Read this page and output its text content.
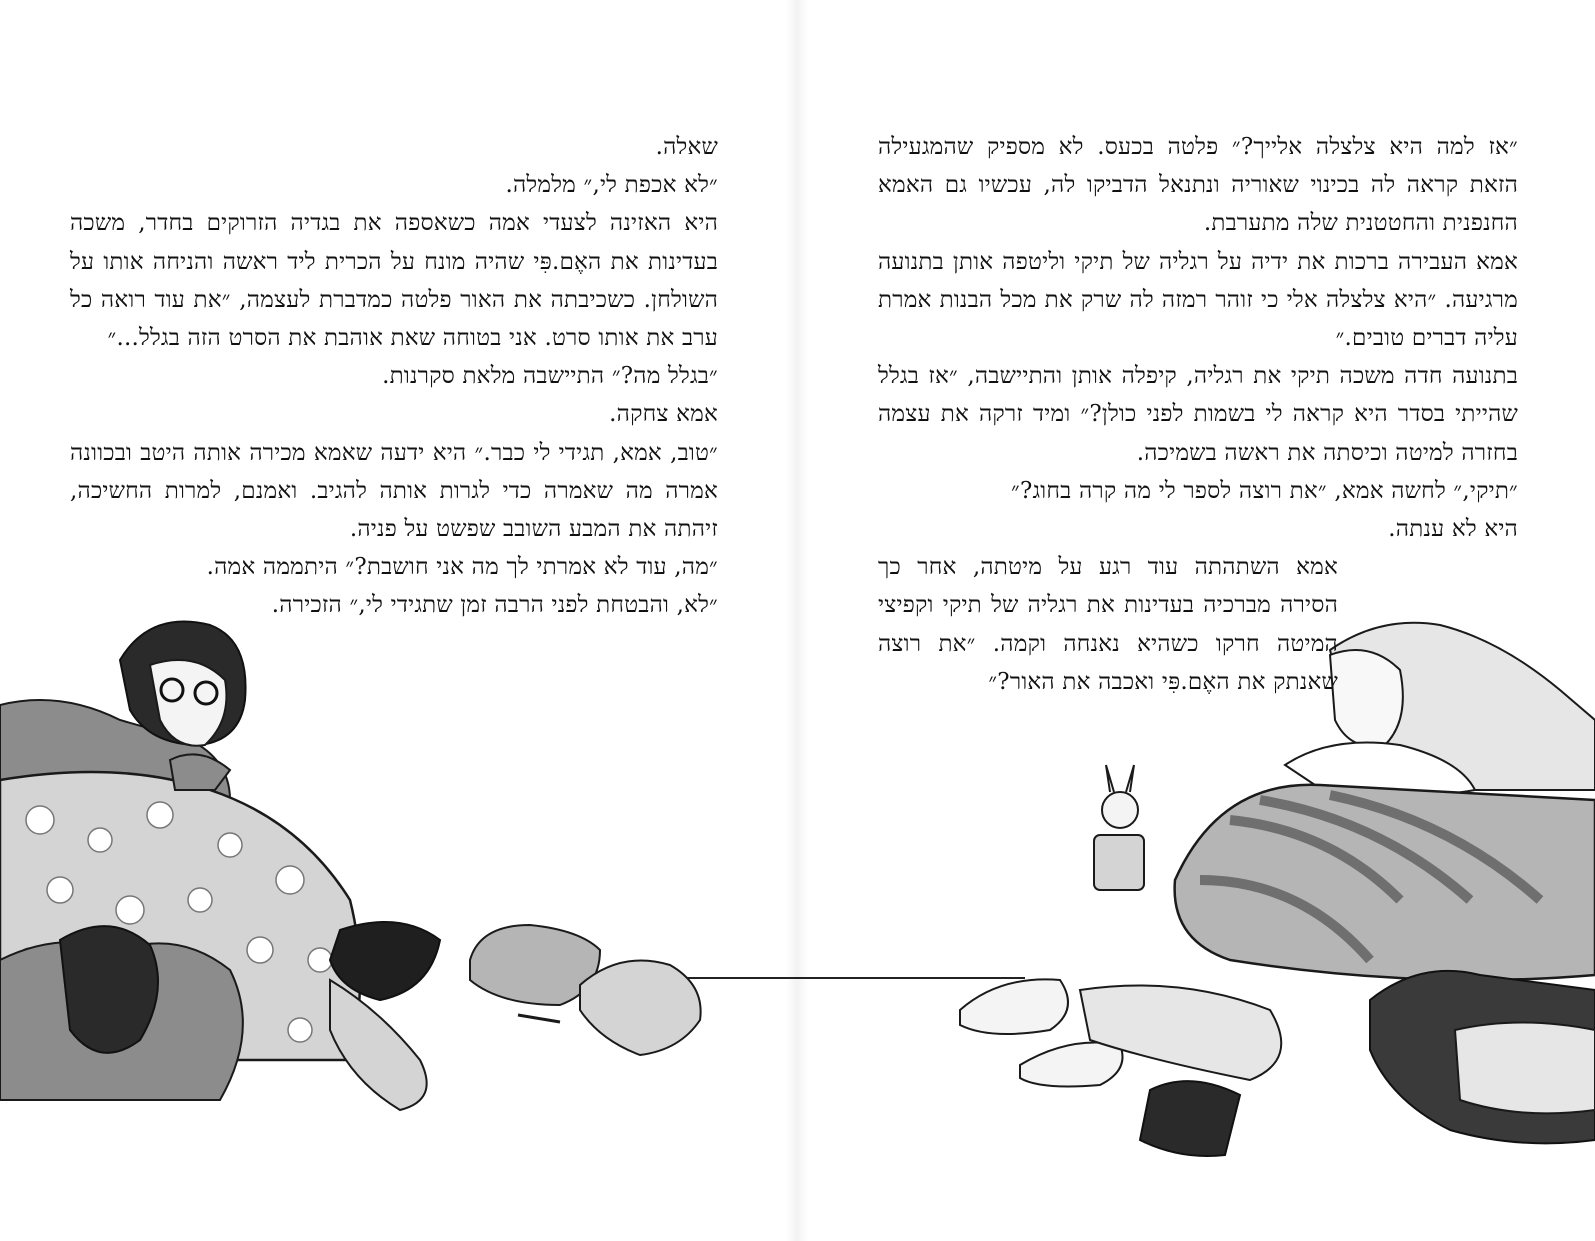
שאלה.

״לא אכפת לי,״ מלמלה.

היא האזינה לצעדי אמה כשאספה את בגדיה הזרוקים בחדר, משכה בעדינות את האֶם.פִּי שהיה מונח על הכרית ליד ראשה והניחה אותו על השולחן. כשכיבתה את האור פלטה כמדברת לעצמה, ״את עוד רואה כל ערב את אותו סרט. אני בטוחה שאת אוהבת את הסרט הזה בגלל...״

״בגלל מה?״ התיישבה מלאת סקרנות.

אמא צחקה.

״טוב, אמא, תגידי לי כבר.״ היא ידעה שאמא מכירה אותה היטב ובכוונה אמרה מה שאמרה כדי לגרות אותה להגיב. ואמנם, למרות החשיכה, זיהתה את המבע השובב שפשט על פניה.

״מה, עוד לא אמרתי לך מה אני חושבת?״ היתממה אמה.

״לא, והבטחת לפני הרבה זמן שתגידי לי,״ הזכירה.

״אז למה היא צלצלה אלייך?״ פלטה בכעס. לא מספיק שהמגעילה הזאת קראה לה בכינוי שאוריה ונתנאל הדביקו לה, עכשיו גם האמא החנפנית והחטטנית שלה מתערבת.

אמא העבירה ברכות את ידיה על רגליה של תיקי וליטפה אותן בתנועה מרגיעה. ״היא צלצלה אלי כי זוהר רמזה לה שרק את מכל הבנות אמרת עליה דברים טובים.״

בתנועה חדה משכה תיקי את רגליה, קיפלה אותן והתיישבה, ״אז בגלל שהייתי בסדר היא קראה לי בשמות לפני כולן?״ ומיד זרקה את עצמה בחזרה למיטה וכיסתה את ראשה בשמיכה.

״תיקי,״ לחשה אמא, ״את רוצה לספר לי מה קרה בחוג?״

היא לא ענתה.

אמא השתהתה עוד רגע על מיטתה, אחר כך הסירה מברכיה בעדינות את רגליה של תיקי וקפיצי המיטה חרקו כשהיא נאנחה וקמה. ״את רוצה שאנתק את האֶם.פִּי ואכבה את האור?״
